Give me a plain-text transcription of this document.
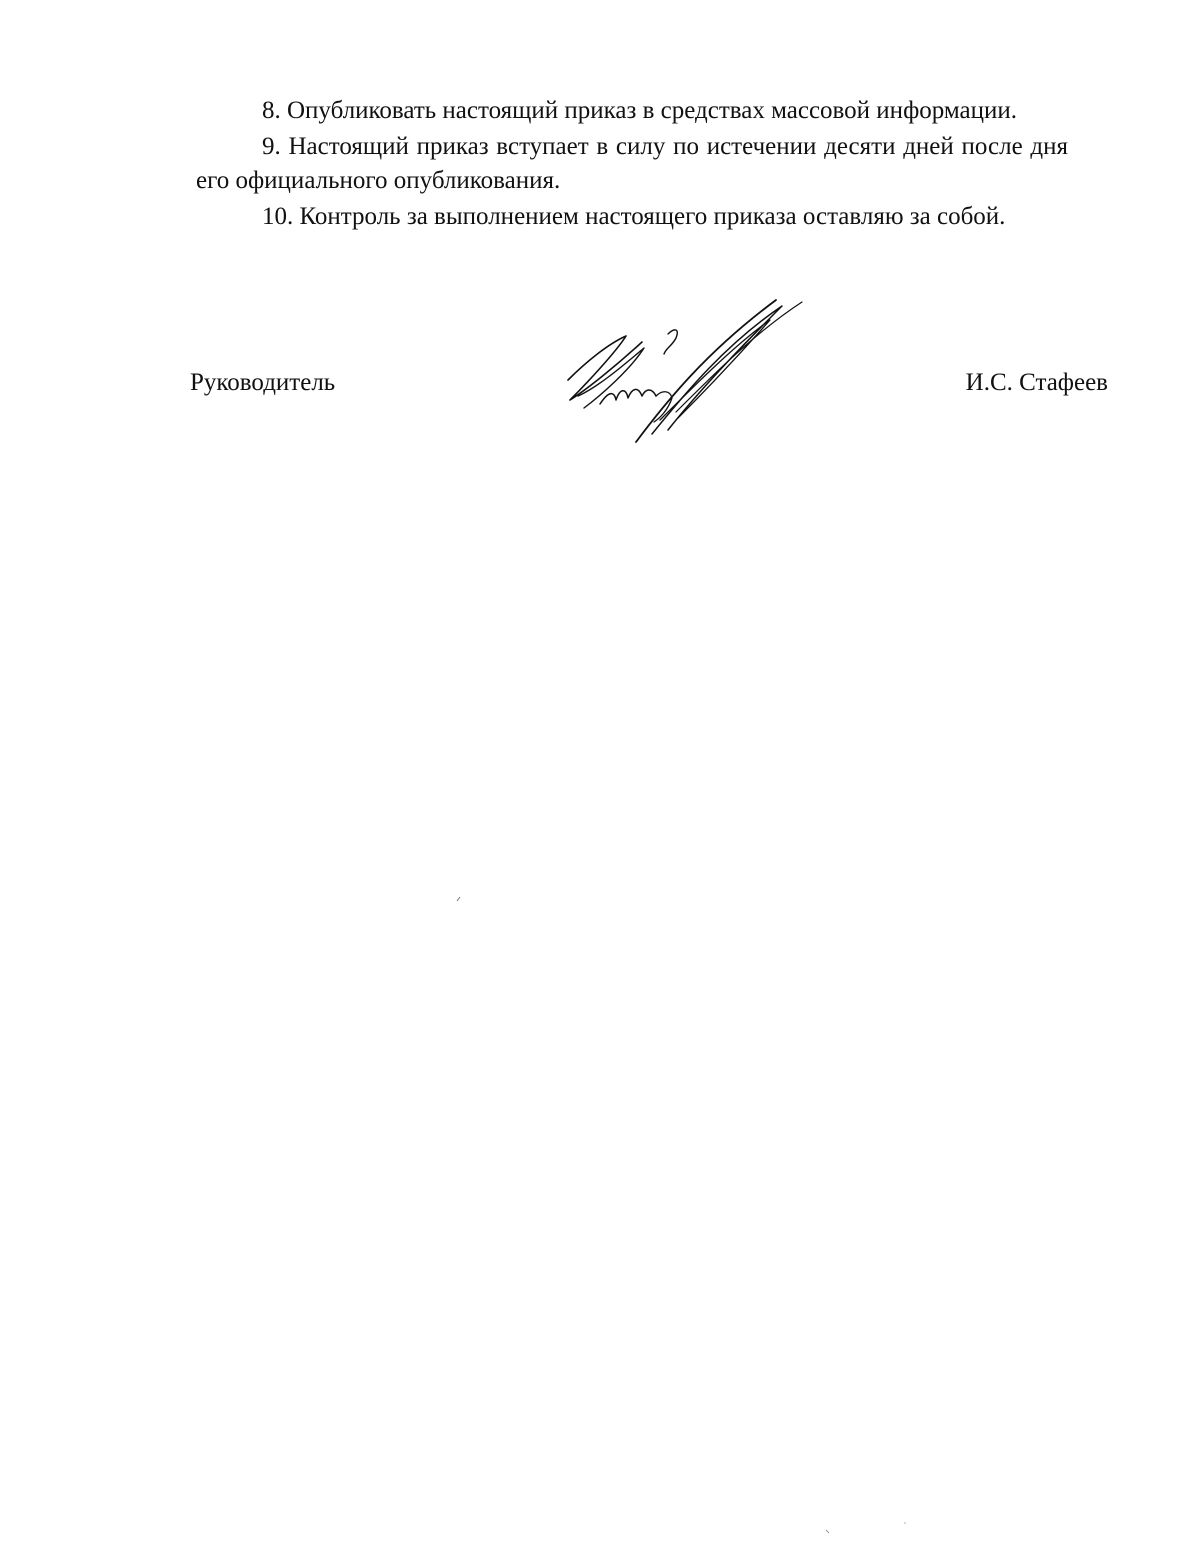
8. Опубликовать настоящий приказ в средствах массовой информации.

9. Настоящий приказ вступает в силу по истечении десяти дней после дня его официального опубликования.

10. Контроль за выполнением настоящего приказа оставляю за собой.

Руководитель	И.С. Стафеев
